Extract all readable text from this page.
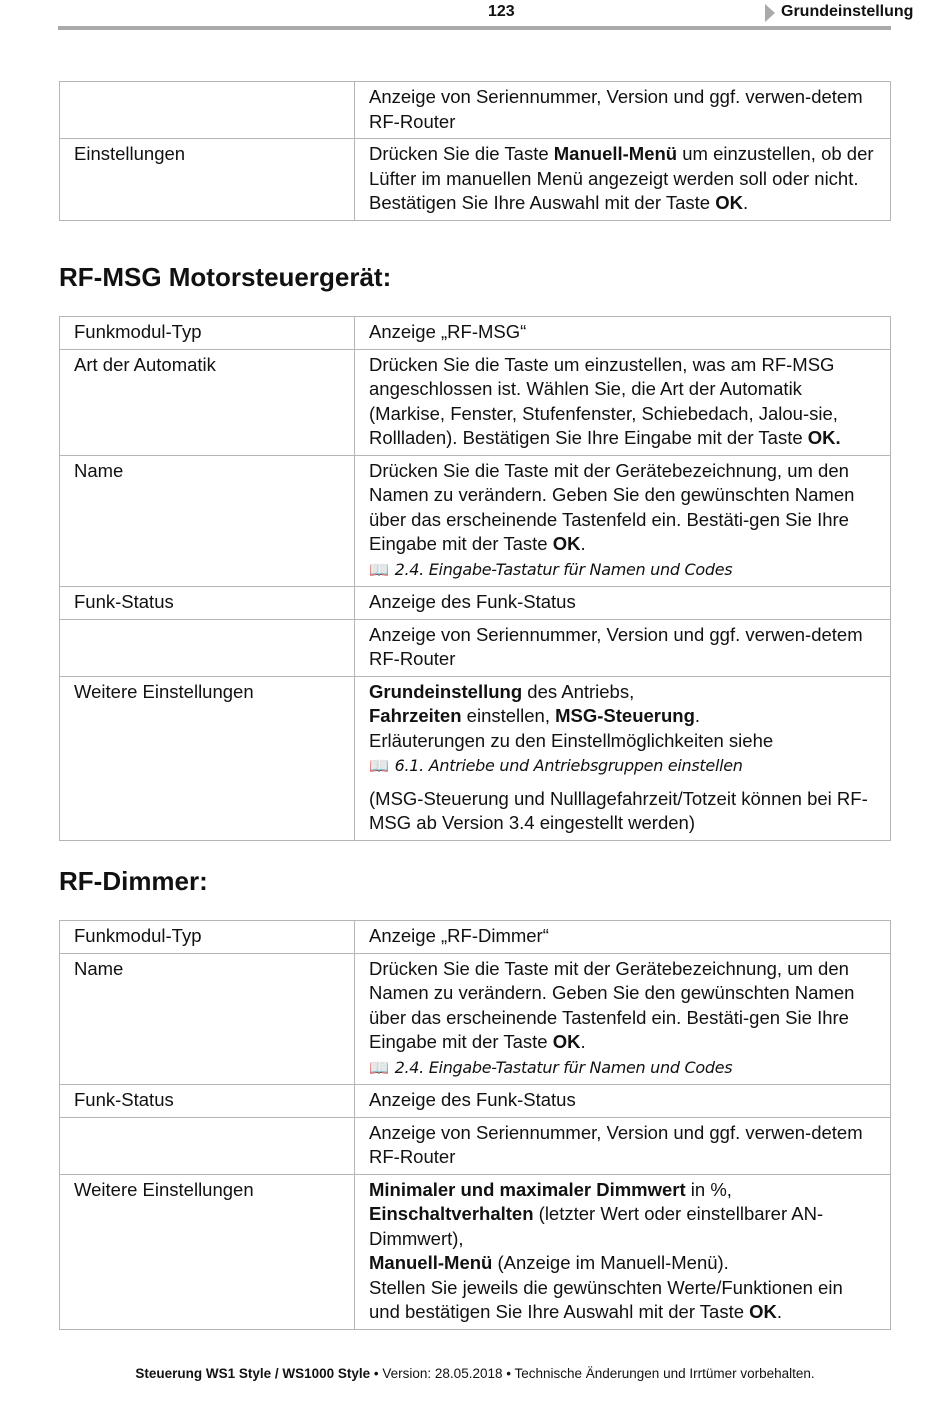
123	Grundeinstellung
	Anzeige von Seriennummer, Version und ggf. verwen-detem RF-Router
Einstellungen	Drücken Sie die Taste Manuell-Menü um einzustellen, ob der Lüfter im manuellen Menü angezeigt werden soll oder nicht. Bestätigen Sie Ihre Auswahl mit der Taste OK.
RF-MSG Motorsteuergerät:
Funkmodul-Typ	Anzeige „RF-MSG“
Art der Automatik	Drücken Sie die Taste um einzustellen, was am RF-MSG angeschlossen ist. Wählen Sie, die Art der Automatik (Markise, Fenster, Stufenfenster, Schiebedach, Jalou-sie, Rollladen). Bestätigen Sie Ihre Eingabe mit der Taste OK.
Name	Drücken Sie die Taste mit der Gerätebezeichnung, um den Namen zu verändern. Geben Sie den gewünschten Namen über das erscheinende Tastenfeld ein. Bestäti-gen Sie Ihre Eingabe mit der Taste OK.
📖 2.4. Eingabe-Tastatur für Namen und Codes
Funk-Status	Anzeige des Funk-Status
	Anzeige von Seriennummer, Version und ggf. verwen-detem RF-Router
Weitere Einstellungen	Grundeinstellung des Antriebs,
Fahrzeiten einstellen, MSG-Steuerung.
Erläuterungen zu den Einstellmöglichkeiten siehe
📖 6.1. Antriebe und Antriebsgruppen einstellen
(MSG-Steuerung und Nulllagefahrzeit/Totzeit können bei RF-MSG ab Version 3.4 eingestellt werden)
RF-Dimmer:
Funkmodul-Typ	Anzeige „RF-Dimmer“
Name	Drücken Sie die Taste mit der Gerätebezeichnung, um den Namen zu verändern. Geben Sie den gewünschten Namen über das erscheinende Tastenfeld ein. Bestäti-gen Sie Ihre Eingabe mit der Taste OK.
📖 2.4. Eingabe-Tastatur für Namen und Codes
Funk-Status	Anzeige des Funk-Status
	Anzeige von Seriennummer, Version und ggf. verwen-detem RF-Router
Weitere Einstellungen	Minimaler und maximaler Dimmwert in %,
Einschaltverhalten (letzter Wert oder einstellbarer AN-Dimmwert),
Manuell-Menü (Anzeige im Manuell-Menü).
Stellen Sie jeweils die gewünschten Werte/Funktionen ein und bestätigen Sie Ihre Auswahl mit der Taste OK.
Steuerung WS1 Style / WS1000 Style • Version: 28.05.2018 • Technische Änderungen und Irrtümer vorbehalten.
